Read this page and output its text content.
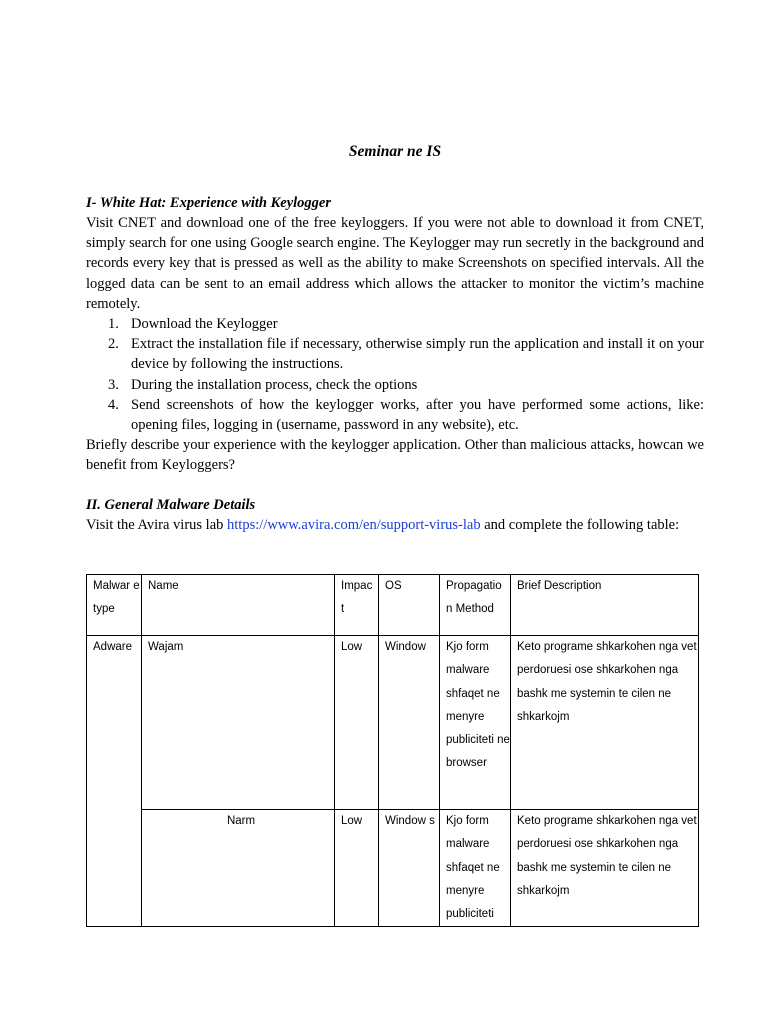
Seminar ne IS
I- White Hat: Experience with Keylogger

Visit CNET and download one of the free keyloggers. If you were not able to download it from CNET, simply search for one using Google search engine. The Keylogger may run secretly in the background and records every key that is pressed as well as the ability to make Screenshots on specified intervals. All the logged data can be sent to an email address which allows the attacker to monitor the victim’s machine remotely.

1. Download the Keylogger
2. Extract the installation file if necessary, otherwise simply run the application and install it on your device by following the instructions.
3. During the installation process, check the options
4. Send screenshots of how the keylogger works, after you have performed some actions, like: opening files, logging in (username, password in any website), etc.

Briefly describe your experience with the keylogger application. Other than malicious attacks, howcan we benefit from Keyloggers?

II. General Malware Details

Visit the Avira virus lab https://www.avira.com/en/support-virus-lab and complete the following table:

Malwar e type	Name	Impac t	OS	Propagatio n Method	Brief Description
Adware	Wajam	Low	Window	Kjo form malware shfaqet ne menyre publiciteti ne browser	Keto programe shkarkohen nga vet perdoruesi ose shkarkohen nga bashk me systemin te cilen ne shkarkojm
	Narm	Low	Window s	Kjo form malware shfaqet ne menyre publiciteti	Keto programe shkarkohen nga vet perdoruesi ose shkarkohen nga bashk me systemin te cilen ne shkarkojm
